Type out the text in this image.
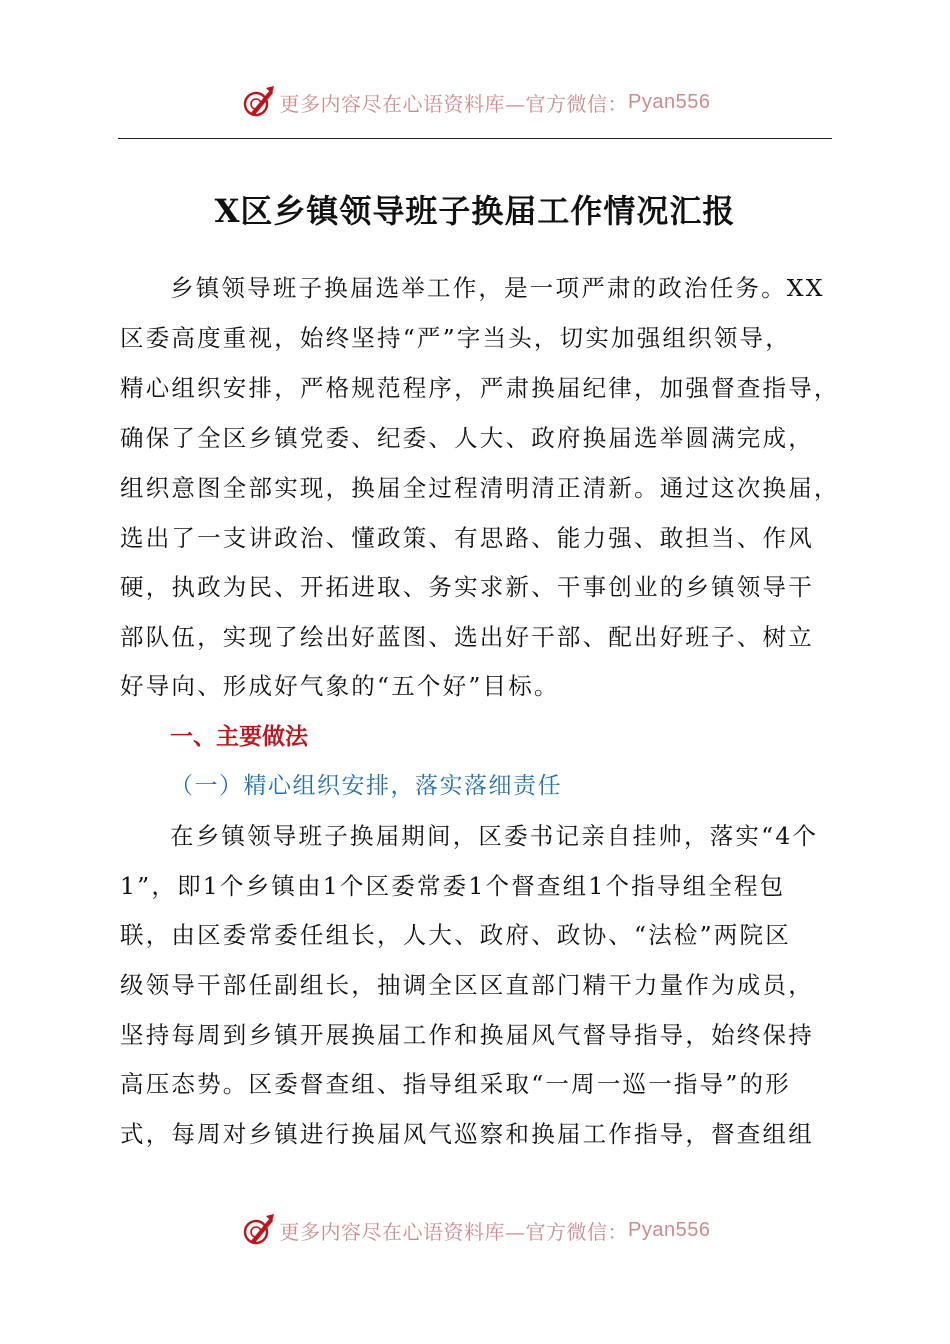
更多内容尽在心语资料库—官方微信： Pyan556
X区乡镇领导班子换届工作情况汇报
乡镇领导班子换届选举工作，是一项严肃的政治任务。XX
区委高度重视，始终坚持“严”字当头，切实加强组织领导，
精心组织安排，严格规范程序，严肃换届纪律，加强督查指导，
确保了全区乡镇党委、纪委、人大、政府换届选举圆满完成，
组织意图全部实现，换届全过程清明清正清新。通过这次换届，
选出了一支讲政治、懂政策、有思路、能力强、敢担当、作风
硬，执政为民、开拓进取、务实求新、干事创业的乡镇领导干
部队伍，实现了绘出好蓝图、选出好干部、配出好班子、树立
好导向、形成好气象的“五个好”目标。
一、主要做法
（一）精心组织安排，落实落细责任
在乡镇领导班子换届期间，区委书记亲自挂帅，落实“4个
1”，即1个乡镇由1个区委常委1个督查组1个指导组全程包
联，由区委常委任组长，人大、政府、政协、“法检”两院区
级领导干部任副组长，抽调全区区直部门精干力量作为成员，
坚持每周到乡镇开展换届工作和换届风气督导指导，始终保持
高压态势。区委督查组、指导组采取“一周一巡一指导”的形
式，每周对乡镇进行换届风气巡察和换届工作指导，督查组组
更多内容尽在心语资料库—官方微信： Pyan556
